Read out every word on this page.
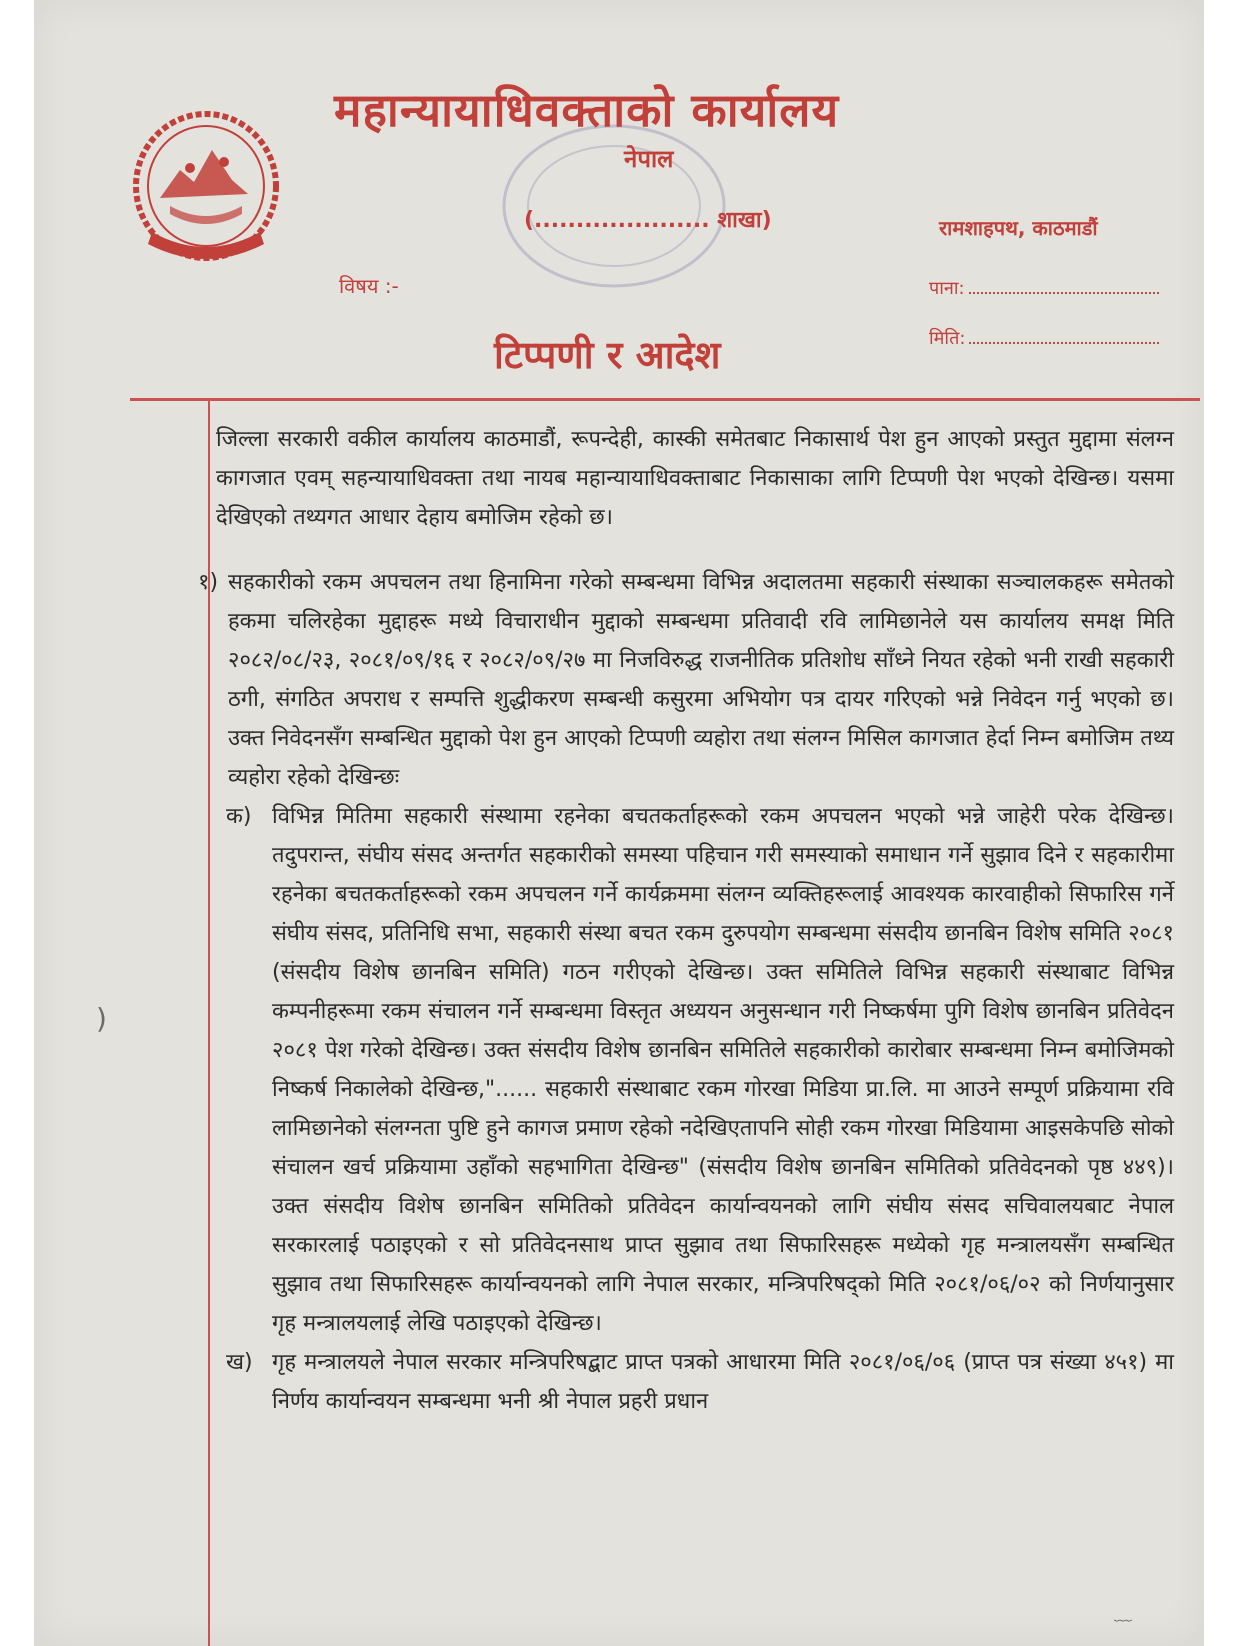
महान्यायाधिवक्ताको कार्यालय
नेपाल
(..................... शाखा)	रामशाहपथ, काठमाडौं
विषय :-	पाना:
मिति:
टिप्पणी र आदेश

जिल्ला सरकारी वकील कार्यालय काठमाडौं, रूपन्देही, कास्की समेतबाट निकासार्थ पेश हुन आएको प्रस्तुत मुद्दामा संलग्न कागजात एवम् सहन्यायाधिवक्ता तथा नायब महान्यायाधिवक्ताबाट निकासाका लागि टिप्पणी पेश भएको देखिन्छ। यसमा देखिएको तथ्यगत आधार देहाय बमोजिम रहेको छ।

१) सहकारीको रकम अपचलन तथा हिनामिना गरेको सम्बन्धमा विभिन्न अदालतमा सहकारी संस्थाका सञ्चालकहरू समेतको हकमा चलिरहेका मुद्दाहरू मध्ये विचाराधीन मुद्दाको सम्बन्धमा प्रतिवादी रवि लामिछानेले यस कार्यालय समक्ष मिति २०८२/०८/२३, २०८१/०९/१६ र २०८२/०९/२७ मा निजविरुद्ध राजनीतिक प्रतिशोध साँध्ने नियत रहेको भनी राखी सहकारी ठगी, संगठित अपराध र सम्पत्ति शुद्धीकरण सम्बन्धी कसुरमा अभियोग पत्र दायर गरिएको भन्ने निवेदन गर्नु भएको छ। उक्त निवेदनसँग सम्बन्धित मुद्दाको पेश हुन आएको टिप्पणी व्यहोरा तथा संलग्न मिसिल कागजात हेर्दा निम्न बमोजिम तथ्य व्यहोरा रहेको देखिन्छः
क) विभिन्न मितिमा सहकारी संस्थामा रहनेका बचतकर्ताहरूको रकम अपचलन भएको भन्ने जाहेरी परेक देखिन्छ। तदुपरान्त, संघीय संसद अन्तर्गत सहकारीको समस्या पहिचान गरी समस्याको समाधान गर्ने सुझाव दिने र सहकारीमा रहनेका बचतकर्ताहरूको रकम अपचलन गर्ने कार्यक्रममा संलग्न व्यक्तिहरूलाई आवश्यक कारवाहीको सिफारिस गर्ने संघीय संसद, प्रतिनिधि सभा, सहकारी संस्था बचत रकम दुरुपयोग सम्बन्धमा संसदीय छानबिन विशेष समिति २०८१ (संसदीय विशेष छानबिन समिति) गठन गरीएको देखिन्छ। उक्त समितिले विभिन्न सहकारी संस्थाबाट विभिन्न कम्पनीहरूमा रकम संचालन गर्ने सम्बन्धमा विस्तृत अध्ययन अनुसन्धान गरी निष्कर्षमा पुगि विशेष छानबिन प्रतिवेदन २०८१ पेश गरेको देखिन्छ। उक्त संसदीय विशेष छानबिन समितिले सहकारीको कारोबार सम्बन्धमा निम्न बमोजिमको निष्कर्ष निकालेको देखिन्छ,"...... सहकारी संस्थाबाट रकम गोरखा मिडिया प्रा.लि. मा आउने सम्पूर्ण प्रक्रियामा रवि लामिछानेको संलग्नता पुष्टि हुने कागज प्रमाण रहेको नदेखिएतापनि सोही रकम गोरखा मिडियामा आइसकेपछि सोको संचालन खर्च प्रक्रियामा उहाँको सहभागिता देखिन्छ" (संसदीय विशेष छानबिन समितिको प्रतिवेदनको पृष्ठ ४४९)। उक्त संसदीय विशेष छानबिन समितिको प्रतिवेदन कार्यान्वयनको लागि संघीय संसद सचिवालयबाट नेपाल सरकारलाई पठाइएको र सो प्रतिवेदनसाथ प्राप्त सुझाव तथा सिफारिसहरू मध्येको गृह मन्त्रालयसँग सम्बन्धित सुझाव तथा सिफारिसहरू कार्यान्वयनको लागि नेपाल सरकार, मन्त्रिपरिषद्को मिति २०८१/०६/०२ को निर्णयानुसार गृह मन्त्रालयलाई लेखि पठाइएको देखिन्छ।
ख) गृह मन्त्रालयले नेपाल सरकार मन्त्रिपरिषद्बाट प्राप्त पत्रको आधारमा मिति २०८१/०६/०६ (प्राप्त पत्र संख्या ४५१) मा निर्णय कार्यान्वयन सम्बन्धमा भनी श्री नेपाल प्रहरी प्रधान
)
﹏
